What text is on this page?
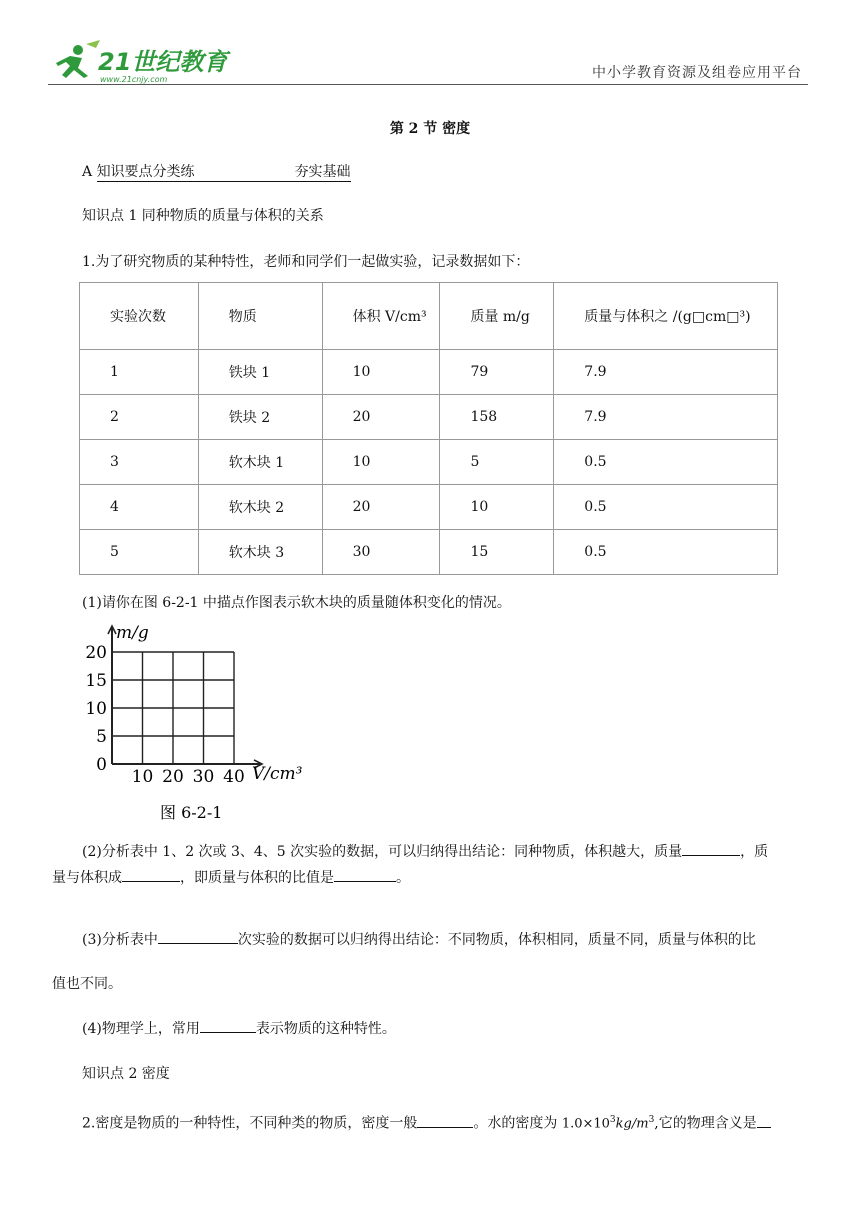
21世纪教育
www.21cnjy.com	中小学教育资源及组卷应用平台
第 2 节 密度
A 知识要点分类练	夯实基础
知识点 1 同种物质的质量与体积的关系
1.为了研究物质的某种特性，老师和同学们一起做实验，记录数据如下：
实验次数	物质	体积 V/cm³	质量 m/g	质量与体积之 /(g□cm□³)
1	铁块 1	10	79	7.9
2	铁块 2	20	158	7.9
3	软木块 1	10	5	0.5
4	软木块 2	20	10	0.5
5	软木块 3	30	15	0.5
(1)请你在图 6-2-1 中描点作图表示软木块的质量随体积变化的情况。
0
5
10
15
20
10 20 30 40
m/g
V/cm³
图 6-2-1
(2)分析表中 1、2 次或 3、4、5 次实验的数据，可以归纳得出结论：同种物质，体积越大，质量	，质
量与体积成	，即质量与体积的比值是	。
(3)分析表中	次实验的数据可以归纳得出结论：不同物质，体积相同，质量不同，质量与体积的比
值也不同。
(4)物理学上，常用	表示物质的这种特性。
知识点 2 密度
2.密度是物质的一种特性，不同种类的物质，密度一般	。水的密度为 $1.0\times 10^3kg/m^3$,它的物理含义是
